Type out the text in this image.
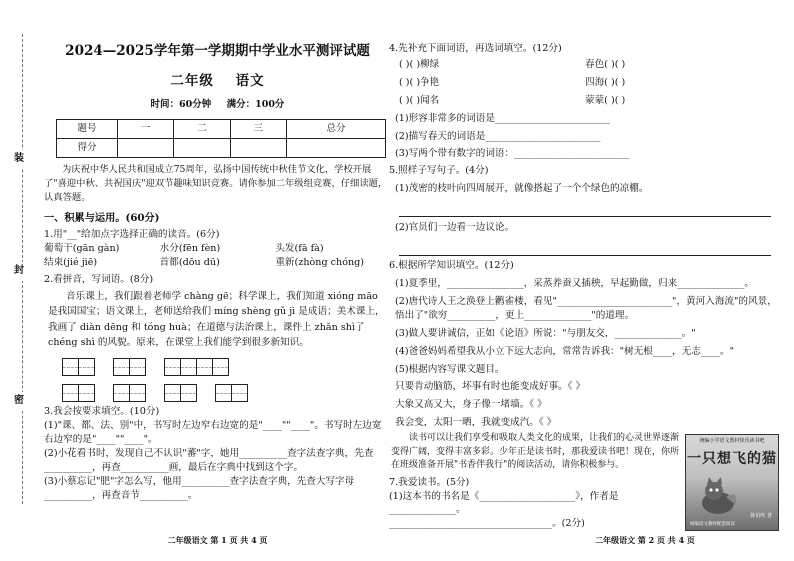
装
封
密
2024—2025学年第一学期期中学业水平测评试题
二年级 语文
时间：60分钟 满分：100分
题号	一	二	三	总分
得分				
为庆祝中华人民共和国成立75周年，弘扬中国传统中秋佳节文化，学校开展了"喜迎中秋、共祝国庆"迎双节趣味知识竞赛。请你参加二年级组竞赛，仔细读题，认真答题。
一、积累与运用。(60分)
1.用"__"给加点字选择正确的读音。(6分)
葡萄干(gān gàn)	水分(fēn fèn)	头发(fā fà)
结束(jié jiē)	首都(dōu dū)	重新(zhòng chóng)
2.看拼音，写词语。(8分)
音乐课上，我们跟着老师学 chàng gē；科学课上，我们知道 xióng māo 是我国国宝；语文课上，老师送给我们 míng shèng gǔ jì 是成语；美术课上，我画了 diàn dēng 和 tóng huà；在道德与法治课上，课件上 zhǎn shì了chéng shì 的风貌。原来，在课堂上我们能学到很多新知识。
3.我会按要求填空。(10分)
(1)"课、都、法、别"中，书写时左边窄右边宽的是"____""____"。书写时左边宽右边窄的是"____""____"。
(2)小花看书时，发现自己不认识"蕃"字，她用__________查字法查字典，先查__________，再查__________画，最后在字典中找到这个字。
(3)小蔡忘记"肥"字怎么写，他用__________查字法查字典，先查大写字母__________，再查音节__________。
二年级语文 第 1 页 共 4 页
4.先补充下面词语，再选词填空。(12分)
( )( )柳绿	春色( )( )
( )( )争艳	四海( )( )
( )( )闻名	蒙蒙( )( )
(1)形容非常多的词语是________________________
(2)描写春天的词语是________________________
(3)写两个带有数字的词语：________________________
5.照样子写句子。(4分)
(1)茂密的枝叶向四周展开，就像搭起了一个个绿色的凉棚。
(2)官员们一边看一边议论。
6.根据所学知识填空。(12分)
(1)夏季里，________________，采蒸养蚕又插秧，早起勤做，归来______________。
(2)唐代诗人王之涣登上鹳雀楼，看见"________________________"，黄河入海流"的风景，悟出了"欲穷__________，更上______________"的道理。
(3)做人要讲诚信，正如《论语》所说："与朋友交，______________。"
(4)爸爸妈妈希望我从小立下远大志向，常常告诉我："树无根____，无志____。"
(5)根据内容写课文题目。
只要肯动脑筋，坏事有时也能变成好事。《 》
大象又高又大，身子像一堵墙。《 》
我会变，太阳一晒，我就变成汽。《 》
读书可以让我们享受和吸取人类文化的成果，让我们的心灵世界逐渐变得广阔，变得丰富多彩。少年正是读书时，那我爱读书吧！现在，你所在班级准备开展"书香伴我行"的阅读活动，请你积极参与。
7.我爱读书。(5分)
(1)这本书的书名是《____________________》，作者是______________。
__________________________________。(2分)
统编小学语文教材快乐读书吧
一只想飞的猫
陈伯吹 著
统编语文教材配套阅读
二年级语文 第 2 页 共 4 页
